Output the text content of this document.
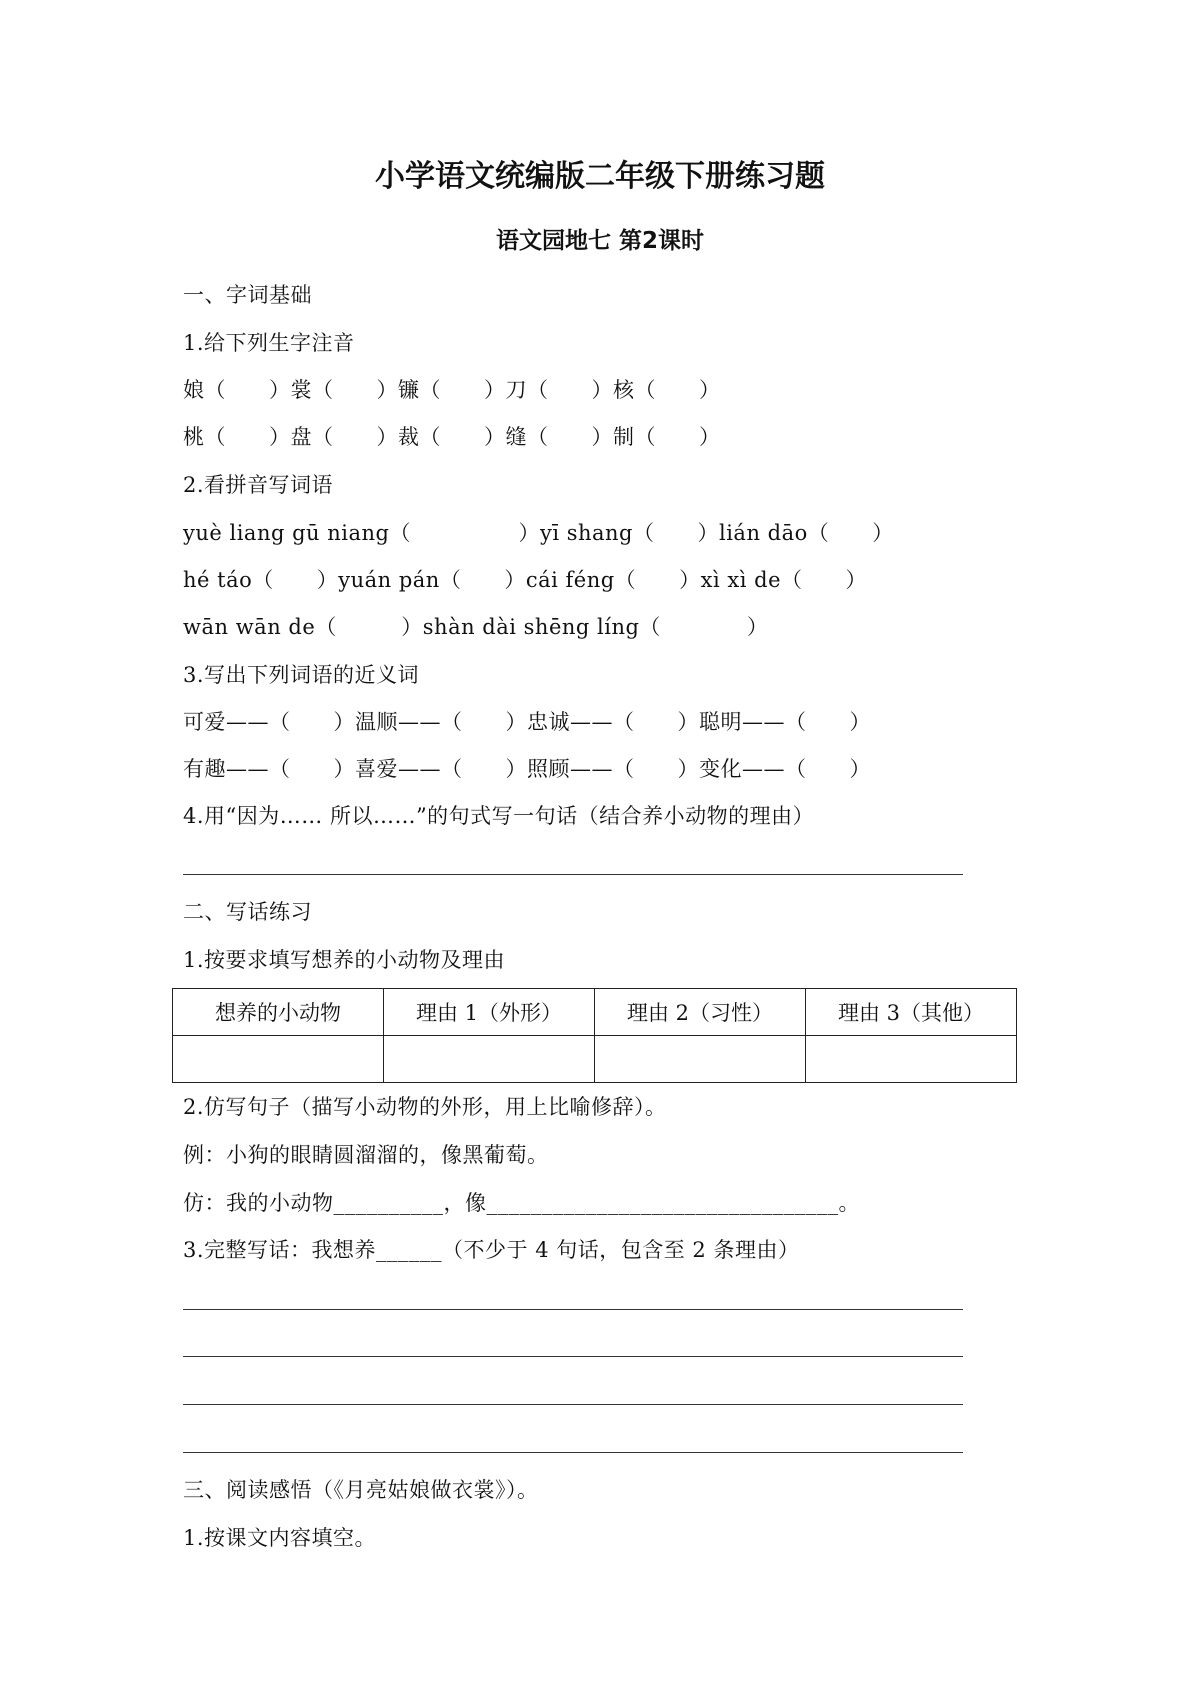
小学语文统编版二年级下册练习题
语文园地七 第2课时
一、字词基础
1.给下列生字注音
娘（　　）裳（　　）镰（　　）刀（　　）核（　　）
桃（　　）盘（　　）裁（　　）缝（　　）制（　　）
2.看拼音写词语
yuè liang gū niang（　　　　　）yī shang（　　）lián dāo（　　）
hé táo（　　）yuán pán（　　）cái féng（　　）xì xì de（　　）
wān wān de（　　　）shàn dài shēng líng（　　　　）
3.写出下列词语的近义词
可爱——（　　）温顺——（　　）忠诚——（　　）聪明——（　　）
有趣——（　　）喜爱——（　　）照顾——（　　）变化——（　　）
4.用“因为…… 所以……”的句式写一句话（结合养小动物的理由）
二、写话练习
1.按要求填写想养的小动物及理由
想养的小动物	理由 1（外形）	理由 2（习性）	理由 3（其他）

2.仿写句子（描写小动物的外形，用上比喻修辞）。
例：小狗的眼睛圆溜溜的，像黑葡萄。
仿：我的小动物__________，像________________________________。
3.完整写话：我想养______（不少于 4 句话，包含至 2 条理由）
三、阅读感悟（《月亮姑娘做衣裳》）。
1.按课文内容填空。
